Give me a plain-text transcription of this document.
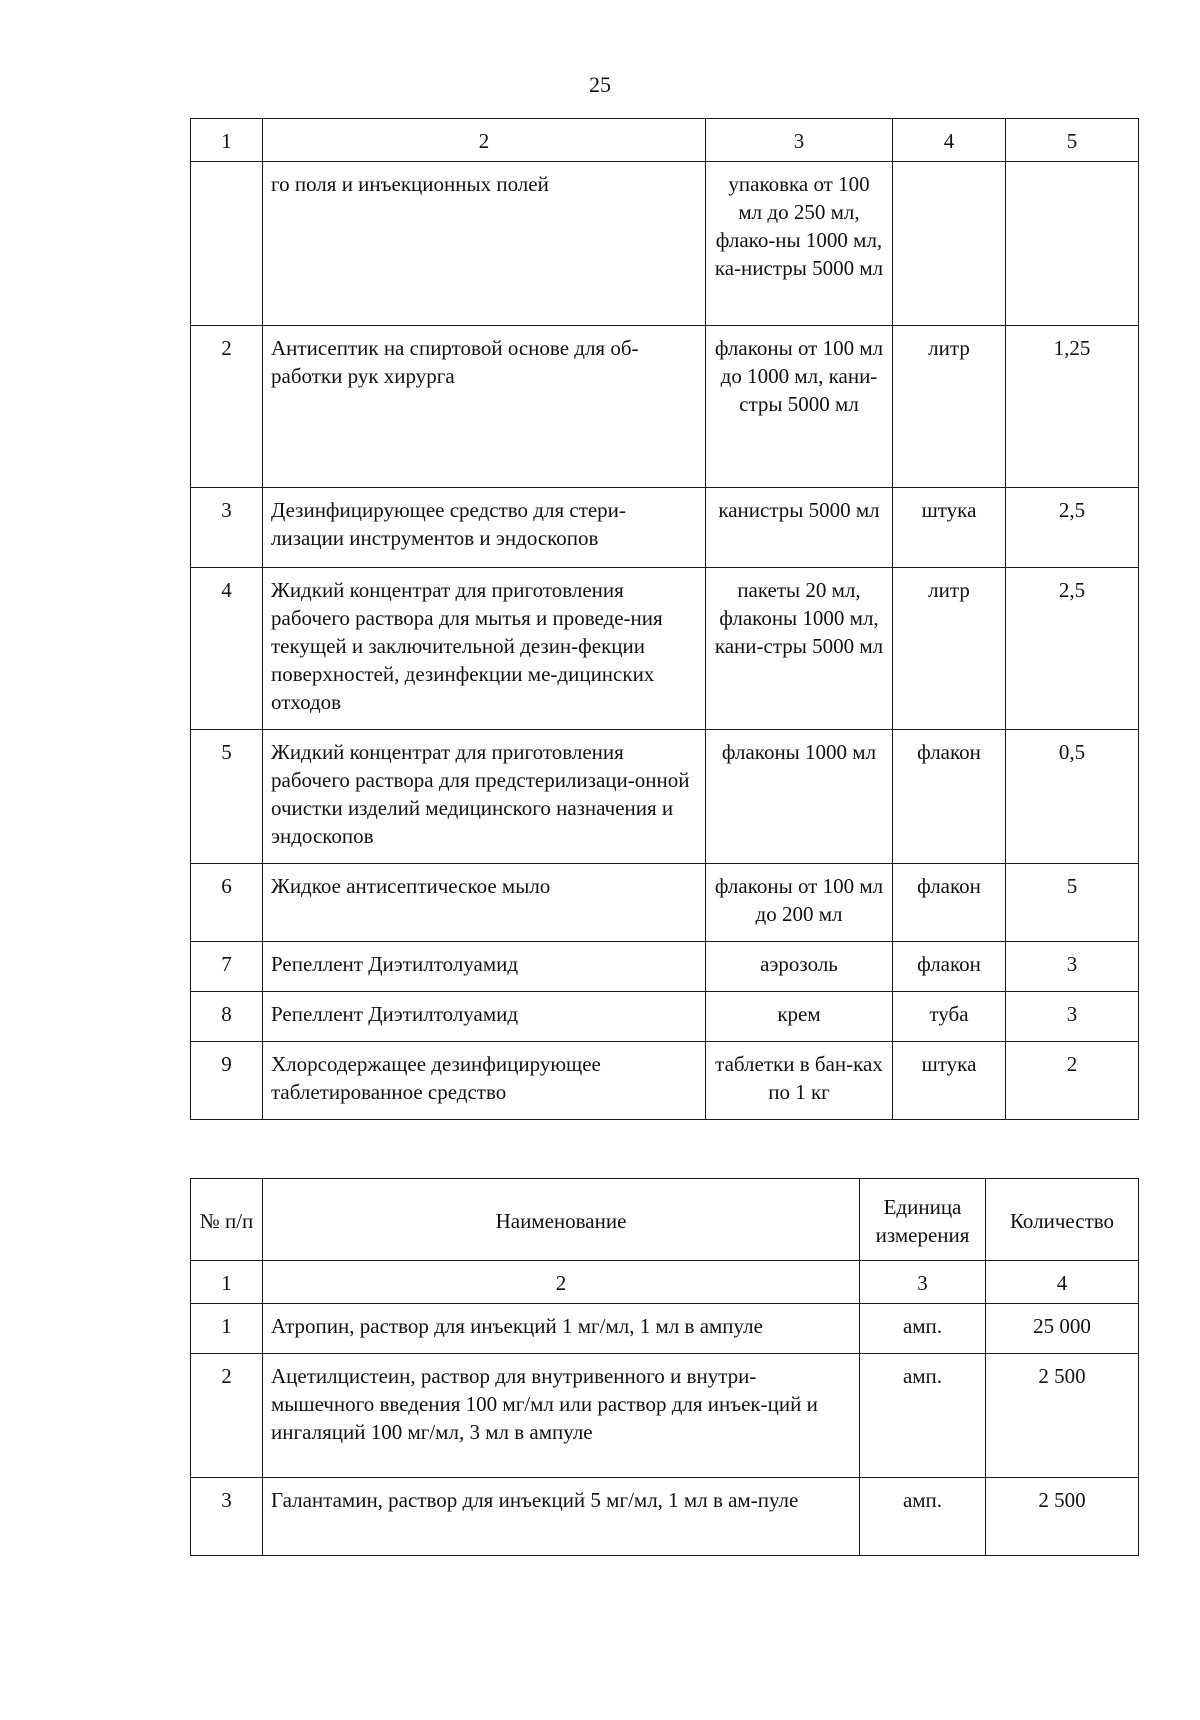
25
1	2	3	4	5
	го поля и инъекционных полей	упаковка от 100 мл до 250 мл, флако-ны 1000 мл, ка-нистры 5000 мл		
2	Антисептик на спиртовой основе для об-работки рук хирурга	флаконы от 100 мл до 1000 мл, кани-стры 5000 мл	литр	1,25
3	Дезинфицирующее средство для стери-лизации инструментов и эндоскопов	канистры 5000 мл	штука	2,5
4	Жидкий концентрат для приготовления рабочего раствора для мытья и проведе-ния текущей и заключительной дезин-фекции поверхностей, дезинфекции ме-дицинских отходов	пакеты 20 мл, флаконы 1000 мл, кани-стры 5000 мл	литр	2,5
5	Жидкий концентрат для приготовления рабочего раствора для предстерилизаци-онной очистки изделий медицинского назначения и эндоскопов	флаконы 1000 мл	флакон	0,5
6	Жидкое антисептическое мыло	флаконы от 100 мл до 200 мл	флакон	5
7	Репеллент Диэтилтолуамид	аэрозоль	флакон	3
8	Репеллент Диэтилтолуамид	крем	туба	3
9	Хлорсодержащее дезинфицирующее таблетированное средство	таблетки в бан-ках по 1 кг	штука	2
№ п/п	Наименование	Единица измерения	Количество
1	2	3	4
1	Атропин, раствор для инъекций 1 мг/мл, 1 мл в ампуле	амп.	25 000
2	Ацетилцистеин, раствор для внутривенного и внутри-мышечного введения 100 мг/мл или раствор для инъек-ций и ингаляций 100 мг/мл, 3 мл в ампуле	амп.	2 500
3	Галантамин, раствор для инъекций 5 мг/мл, 1 мл в ам-пуле	амп.	2 500
